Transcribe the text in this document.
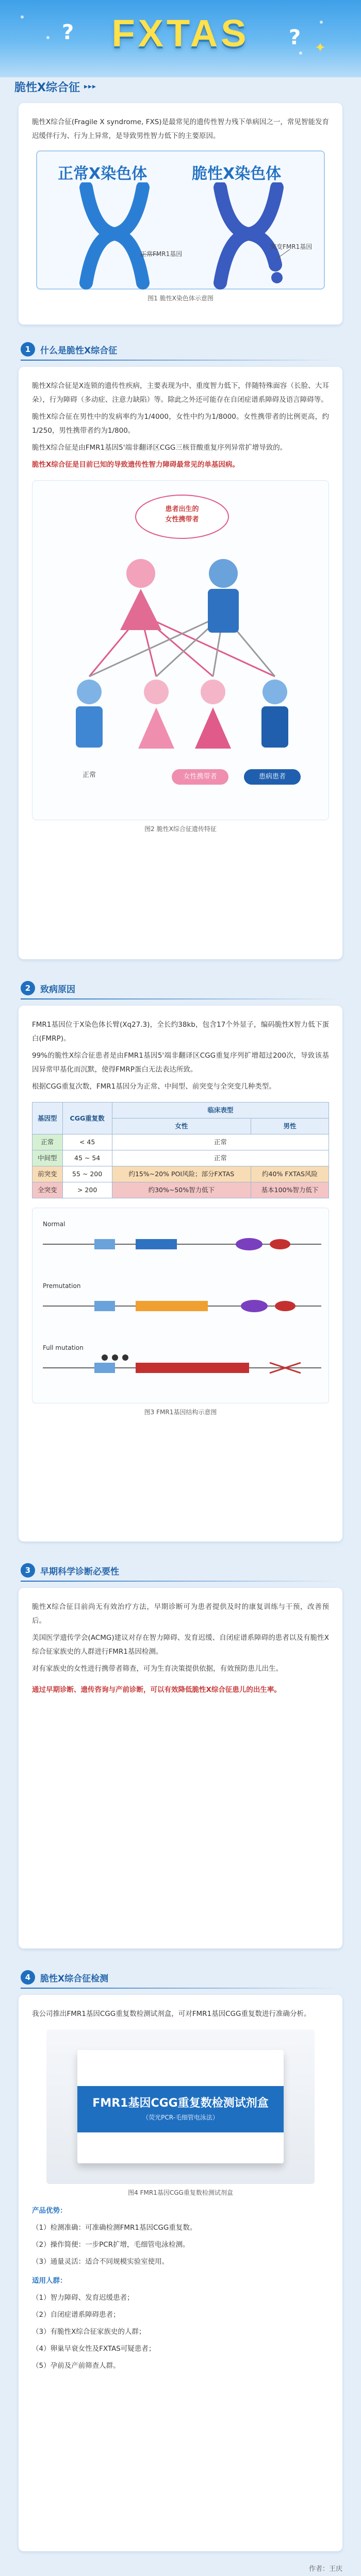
?	? ✦
FXTAS
脆性X综合征 ▸▸▸
脆性X综合征(Fragile X syndrome, FXS)是最常见的遗传性智力残下单病因之一，常见智能发育迟缓伴行为、行为上异常，是导致男性智力低下的主要原因。
正常X染色体	脆性X染色体
正常FMR1基因
突变FMR1基因
图1 脆性X染色体示意图
1	什么是脆性X综合征
脆性X综合征是X连锁的遗传性疾病，主要表现为中、重度智力低下，伴随特殊面容（长脸、大耳朵），行为障碍（多动症、注意力缺陷）等。除此之外还可能存在自闭症谱系障碍及语言障碍等。
脆性X综合征在男性中的发病率约为1/4000，女性中约为1/8000。女性携带者的比例更高，约1/250，男性携带者约为1/800。
脆性X综合征是由FMR1基因5'端非翻译区CGG三核苷酸重复序列异常扩增导致的。
脆性X综合征是目前已知的导致遗传性智力障碍最常见的单基因病。
患者出生的
女性携带者
正常	女性携带者	患病患者
图2 脆性X综合征遗传特征
2	致病原因
FMR1基因位于X染色体长臂(Xq27.3)，全长约38kb，包含17个外显子，编码脆性X智力低下蛋白(FMRP)。
99%的脆性X综合征患者是由FMR1基因5'端非翻译区CGG重复序列扩增超过200次，导致该基因异常甲基化而沉默，使得FMRP蛋白无法表达所致。
根据CGG重复次数，FMR1基因分为正常、中间型、前突变与全突变几种类型。
基因型	CGG重复数	临床表型	
		女性	男性
正常	< 45	正常	
中间型	45 ~ 54	正常	
前突变	55 ~ 200	约15%~20% POI风险；部分FXTAS	约40% FXTAS风险
全突变	> 200	约30%~50%智力低下	基本100%智力低下
Normal
Premutation
Full mutation
图3 FMR1基因结构示意图
3	早期科学诊断必要性
脆性X综合征目前尚无有效治疗方法，早期诊断可为患者提供及时的康复训练与干预，改善预后。
美国医学遗传学会(ACMG)建议对存在智力障碍、发育迟缓、自闭症谱系障碍的患者以及有脆性X综合征家族史的人群进行FMR1基因检测。
对有家族史的女性进行携带者筛查，可为生育决策提供依据，有效预防患儿出生。
通过早期诊断、遗传咨询与产前诊断，可以有效降低脆性X综合征患儿的出生率。
4	脆性X综合征检测
我公司推出FMR1基因CGG重复数检测试剂盒，可对FMR1基因CGG重复数进行准确分析。
FMR1基因CGG重复数检测试剂盒
（荧光PCR-毛细管电泳法）
图4 FMR1基因CGG重复数检测试剂盒
产品优势：
（1）检测准确：可准确检测FMR1基因CGG重复数。
（2）操作简便：一步PCR扩增，毛细管电泳检测。
（3）通量灵活：适合不同规模实验室使用。
适用人群：
（1）智力障碍、发育迟缓患者；
（2）自闭症谱系障碍患者；
（3）有脆性X综合征家族史的人群；
（4）卵巢早衰女性及FXTAS可疑患者；
（5）孕前及产前筛查人群。
作者：王庆
